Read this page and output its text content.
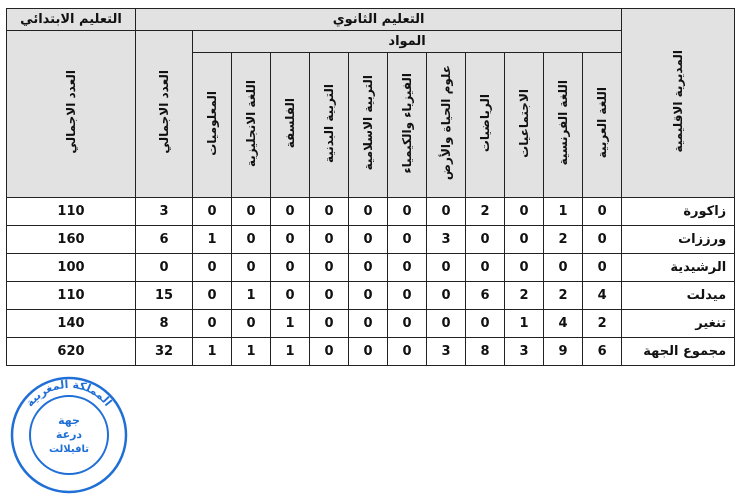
التعليم الابتدائي	التعليم الثانوي												المديرية الاقليمية
العدد الاجمالي	العدد الاجمالي	المواد											
		المعلوميات	اللغة الانجليزية	الفلسفة	التربية البدنية	التربية الاسلامية	الفيزياء والكيمياء	علوم الحياة والأرض	الرياضيات	الاجتماعيات	اللغة الفرنسية	اللغة العربية	
110	3	0	0	0	0	0	0	0	2	0	1	0	زاكورة
160	6	1	0	0	0	0	0	3	0	0	2	0	ورززات
100	0	0	0	0	0	0	0	0	0	0	0	0	الرشيدية
110	15	0	1	0	0	0	0	0	6	2	2	4	ميدلت
140	8	0	0	1	0	0	0	0	0	1	4	2	تنغير
620	32	1	1	1	0	0	0	3	8	3	9	6	مجموع الجهة
المملكة المغربية
جهة
درعة
تافيلالت
